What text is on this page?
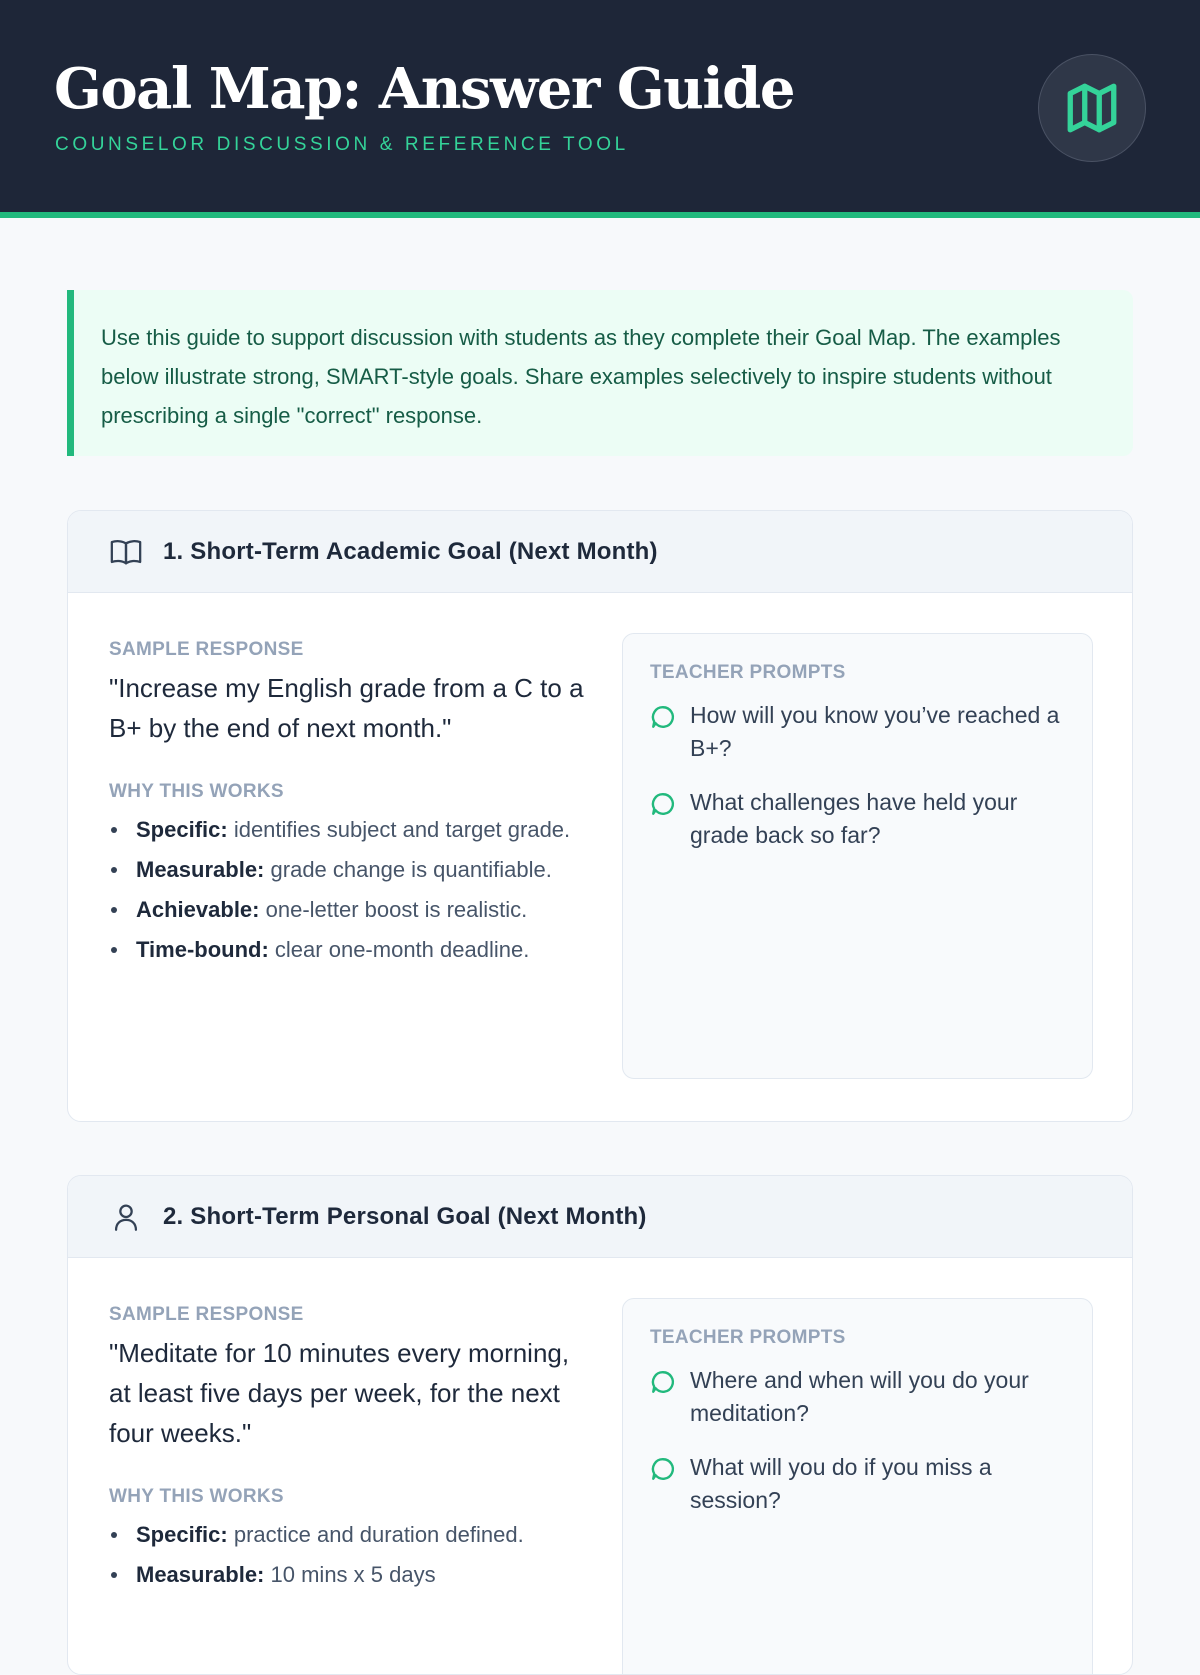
Goal Map: Answer Guide
COUNSELOR DISCUSSION & REFERENCE TOOL
Use this guide to support discussion with students as they complete their Goal Map. The examples below illustrate strong, SMART-style goals. Share examples selectively to inspire students without prescribing a single "correct" response.
1. Short-Term Academic Goal (Next Month)
SAMPLE RESPONSE
"Increase my English grade from a C to a B+ by the end of next month."
WHY THIS WORKS
Specific: identifies subject and target grade.
Measurable: grade change is quantifiable.
Achievable: one-letter boost is realistic.
Time-bound: clear one-month deadline.
TEACHER PROMPTS
How will you know you’ve reached a B+?
What challenges have held your grade back so far?
2. Short-Term Personal Goal (Next Month)
SAMPLE RESPONSE
"Meditate for 10 minutes every morning, at least five days per week, for the next four weeks."
WHY THIS WORKS
Specific: practice and duration defined.
Measurable: 10 mins x 5 days
TEACHER PROMPTS
Where and when will you do your meditation?
What will you do if you miss a session?
